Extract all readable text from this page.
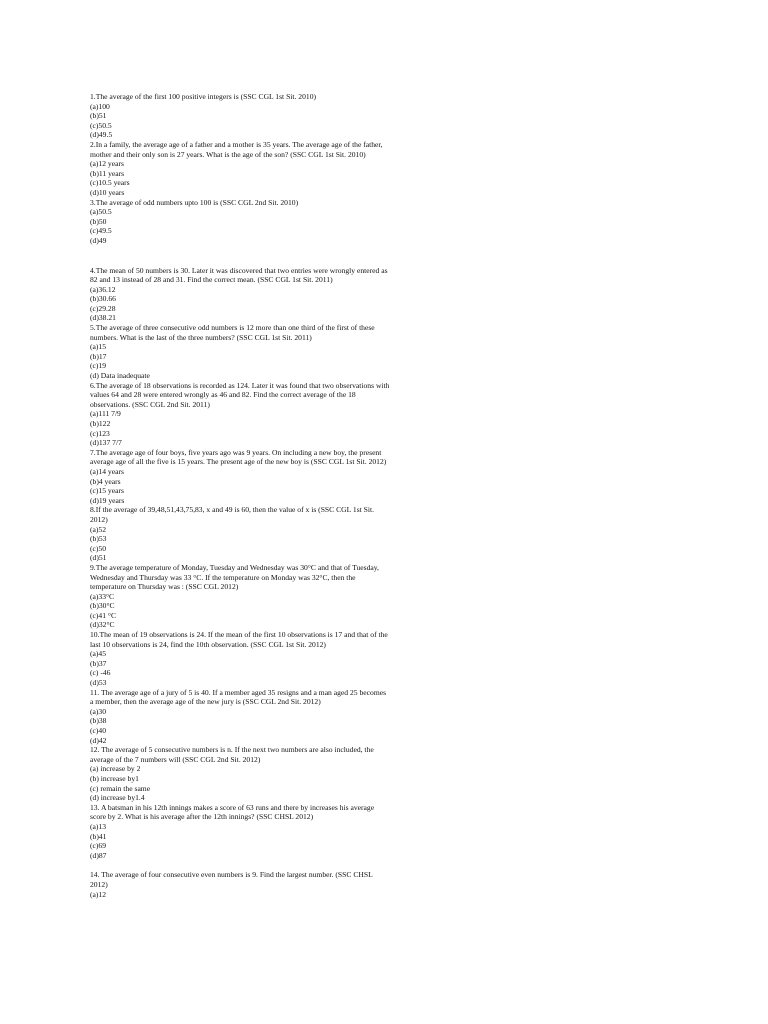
1.The average of the first 100 positive integers is (SSC CGL 1st Sit. 2010)

(a)100
(b)51
(c)50.5
(d)49.5

2.In a family, the average age of a father and a mother is 35 years. The average age of the father, mother and their only son is 27 years. What is the age of the son? (SSC CGL 1st Sit. 2010)

(a)12 years
(b)11 years
(c)10.5 years
(d)10 years

3.The average of odd numbers upto 100 is (SSC CGL 2nd Sit. 2010)

(a)50.5
(b)50
(c)49.5
(d)49

4.The mean of 50 numbers is 30. Later it was discovered that two entries were wrongly entered as 82 and 13 instead of 28 and 31. Find the correct mean. (SSC CGL 1st Sit. 2011)

(a)36.12
(b)30.66
(c)29.28
(d)38.21

5.The average of three consecutive odd numbers is 12 more than one third of the first of these numbers. What is the last of the three numbers? (SSC CGL 1st Sit. 2011)

(a)15
(b)17
(c)19
(d) Data inadequate

6.The average of 18 observations is recorded as 124. Later it was found that two observations with values 64 and 28 were entered wrongly as 46 and 82. Find the correct average of the 18 observations. (SSC CGL 2nd Sit. 2011)

(a)111 7/9
(b)122
(c)123
(d)137 7/7

7.The average age of four boys, five years ago was 9 years. On including a new boy, the present average age of all the five is 15 years. The present age of the new boy is (SSC CGL 1st Sit. 2012)

(a)14 years
(b)4 years
(c)15 years
(d)19 years

8.If the average of 39,48,51,43,75,83, x and 49 is 60, then the value of x is (SSC CGL 1st Sit. 2012)

(a)52
(b)53
(c)50
(d)51

9.The average temperature of Monday, Tuesday and Wednesday was 30°C and that of Tuesday, Wednesday and Thursday was 33 °C. If the temperature on Monday was 32°C, then the temperature on Thursday was : (SSC CGL 2012)

(a)33°C
(b)30°C
(c)41 °C
(d)32°C

10.The mean of 19 observations is 24. If the mean of the first 10 observations is 17 and that of the last 10 observations is 24, find the 10th observation. (SSC CGL 1st Sit. 2012)

(a)45
(b)37
(c) -46
(d)53

11. The average age of a jury of 5 is 40. If a member aged 35 resigns and a man aged 25 becomes a member, then the average age of the new jury is (SSC CGL 2nd Sit. 2012)

(a)30
(b)38
(c)40
(d)42

12. The average of 5 consecutive numbers is n. If the next two numbers are also included, the average of the 7 numbers will (SSC CGL 2nd Sit. 2012)

(a) increase by 2
(b) increase by1
(c) remain the same
(d) increase by1.4

13. A batsman in his 12th innings makes a score of 63 runs and there by increases his average score by 2. What is his average after the 12th innings? (SSC CHSL 2012)

(a)13
(b)41
(c)69
(d)87

14. The average of four consecutive even numbers is 9. Find the largest number. (SSC CHSL 2012)

(a)12
